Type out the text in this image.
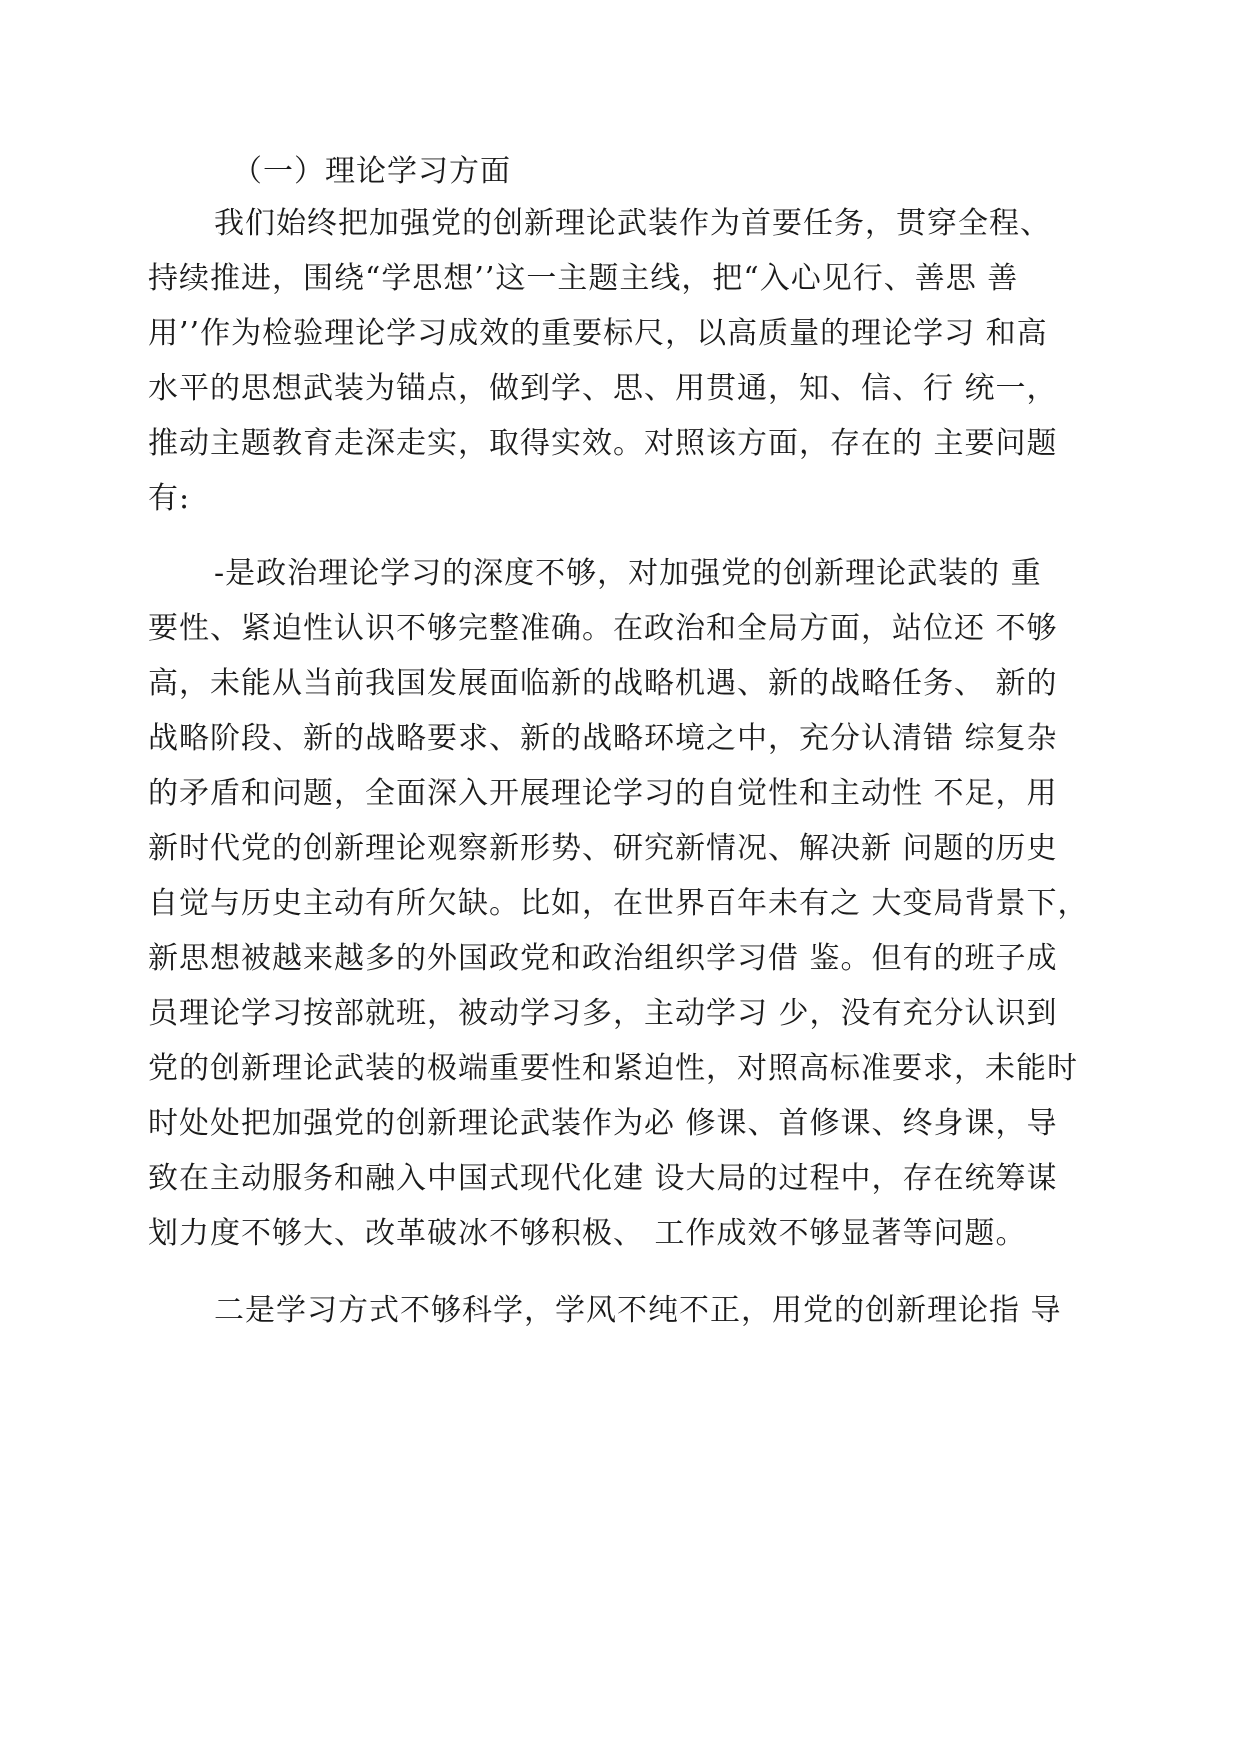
（一）理论学习方面

我们始终把加强党的创新理论武装作为首要任务，贯穿全程、

持续推进，围绕“学思想’’这一主题主线，把“入心见行、善思 善

用’’作为检验理论学习成效的重要标尺，以高质量的理论学习 和高

水平的思想武装为锚点，做到学、思、用贯通，知、信、行 统一，

推动主题教育走深走实，取得实效。对照该方面，存在的 主要问题

有:

-是政治理论学习的深度不够，对加强党的创新理论武装的 重

要性、紧迫性认识不够完整准确。在政治和全局方面，站位还 不够

高，未能从当前我国发展面临新的战略机遇、新的战略任务、 新的

战略阶段、新的战略要求、新的战略环境之中，充分认清错 综复杂

的矛盾和问题，全面深入开展理论学习的自觉性和主动性 不足，用

新时代党的创新理论观察新形势、研究新情况、解决新 问题的历史

自觉与历史主动有所欠缺。比如，在世界百年未有之 大变局背景下，

新思想被越来越多的外国政党和政治组织学习借 鉴。但有的班子成

员理论学习按部就班，被动学习多，主动学习 少，没有充分认识到

党的创新理论武装的极端重要性和紧迫性，对照高标准要求，未能时

时处处把加强党的创新理论武装作为必 修课、首修课、终身课，导

致在主动服务和融入中国式现代化建 设大局的过程中，存在统筹谋

划力度不够大、改革破冰不够积极、 工作成效不够显著等问题。

二是学习方式不够科学，学风不纯不正，用党的创新理论指 导
